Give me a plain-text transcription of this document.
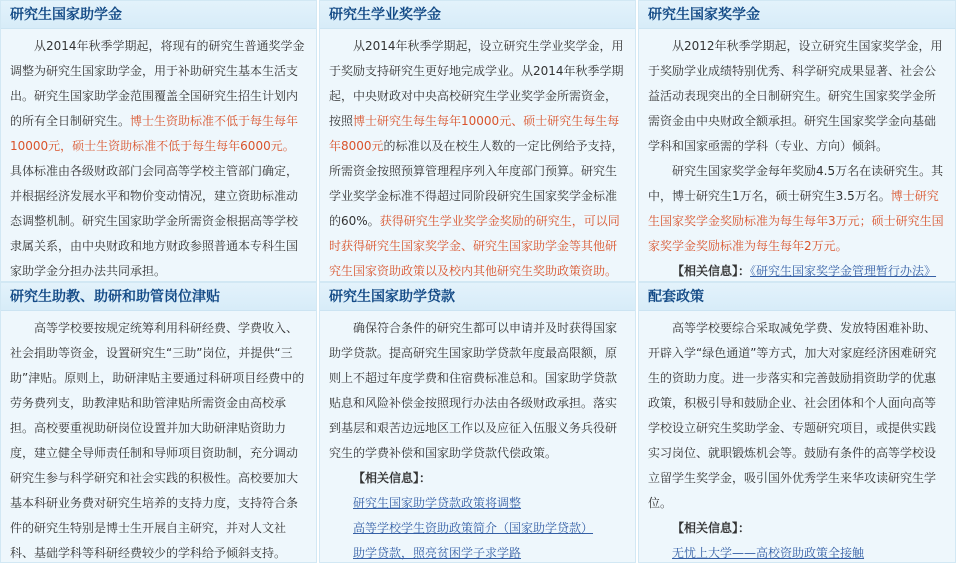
研究生国家助学金

从2014年秋季学期起，将现有的研究生普通奖学金调整为研究生国家助学金，用于补助研究生基本生活支出。研究生国家助学金范围覆盖全国研究生招生计划内的所有全日制研究生。博士生资助标准不低于每生每年10000元，硕士生资助标准不低于每生每年6000元。具体标准由各级财政部门会同高等学校主管部门确定，并根据经济发展水平和物价变动情况，建立资助标准动态调整机制。研究生国家助学金所需资金根据高等学校隶属关系，由中央财政和地方财政参照普通本专科生国家助学金分担办法共同承担。

研究生学业奖学金

从2014年秋季学期起，设立研究生学业奖学金，用于奖励支持研究生更好地完成学业。从2014年秋季学期起，中央财政对中央高校研究生学业奖学金所需资金，按照博士研究生每生每年10000元、硕士研究生每生每年8000元的标准以及在校生人数的一定比例给予支持，所需资金按照预算管理程序列入年度部门预算。研究生学业奖学金标准不得超过同阶段研究生国家奖学金标准的60%。获得研究生学业奖学金奖励的研究生，可以同时获得研究生国家奖学金、研究生国家助学金等其他研究生国家资助政策以及校内其他研究生奖助政策资助。

研究生国家奖学金

从2012年秋季学期起，设立研究生国家奖学金，用于奖励学业成绩特别优秀、科学研究成果显著、社会公益活动表现突出的全日制研究生。研究生国家奖学金所需资金由中央财政全额承担。研究生国家奖学金向基础学科和国家亟需的学科（专业、方向）倾斜。

研究生国家奖学金每年奖励4.5万名在读研究生。其中，博士研究生1万名，硕士研究生3.5万名。博士研究生国家奖学金奖励标准为每生每年3万元；硕士研究生国家奖学金奖励标准为每生每年2万元。

【相关信息】：《研究生国家奖学金管理暂行办法》

研究生助教、助研和助管岗位津贴

高等学校要按规定统筹利用科研经费、学费收入、社会捐助等资金，设置研究生“三助”岗位，并提供“三助”津贴。原则上，助研津贴主要通过科研项目经费中的劳务费列支，助教津贴和助管津贴所需资金由高校承担。高校要重视助研岗位设置并加大助研津贴资助力度，建立健全导师责任制和导师项目资助制，充分调动研究生参与科学研究和社会实践的积极性。高校要加大基本科研业务费对研究生培养的支持力度，支持符合条件的研究生特别是博士生开展自主研究，并对人文社科、基础学科等科研经费较少的学科给予倾斜支持。

研究生国家助学贷款

确保符合条件的研究生都可以申请并及时获得国家助学贷款。提高研究生国家助学贷款年度最高限额，原则上不超过年度学费和住宿费标准总和。国家助学贷款贴息和风险补偿金按照现行办法由各级财政承担。落实到基层和艰苦边远地区工作以及应征入伍服义务兵役研究生的学费补偿和国家助学贷款代偿政策。

【相关信息】：

研究生国家助学贷款政策将调整

高等学校学生资助政策简介（国家助学贷款）

助学贷款，照亮贫困学子求学路

配套政策

高等学校要综合采取减免学费、发放特困难补助、开辟入学“绿色通道”等方式，加大对家庭经济困难研究生的资助力度。进一步落实和完善鼓励捐资助学的优惠政策，积极引导和鼓励企业、社会团体和个人面向高等学校设立研究生奖助学金、专题研究项目，或提供实践实习岗位、就职锻炼机会等。鼓励有条件的高等学校设立留学生奖学金，吸引国外优秀学生来华攻读研究生学位。

【相关信息】：

无忧上大学——高校资助政策全接触
